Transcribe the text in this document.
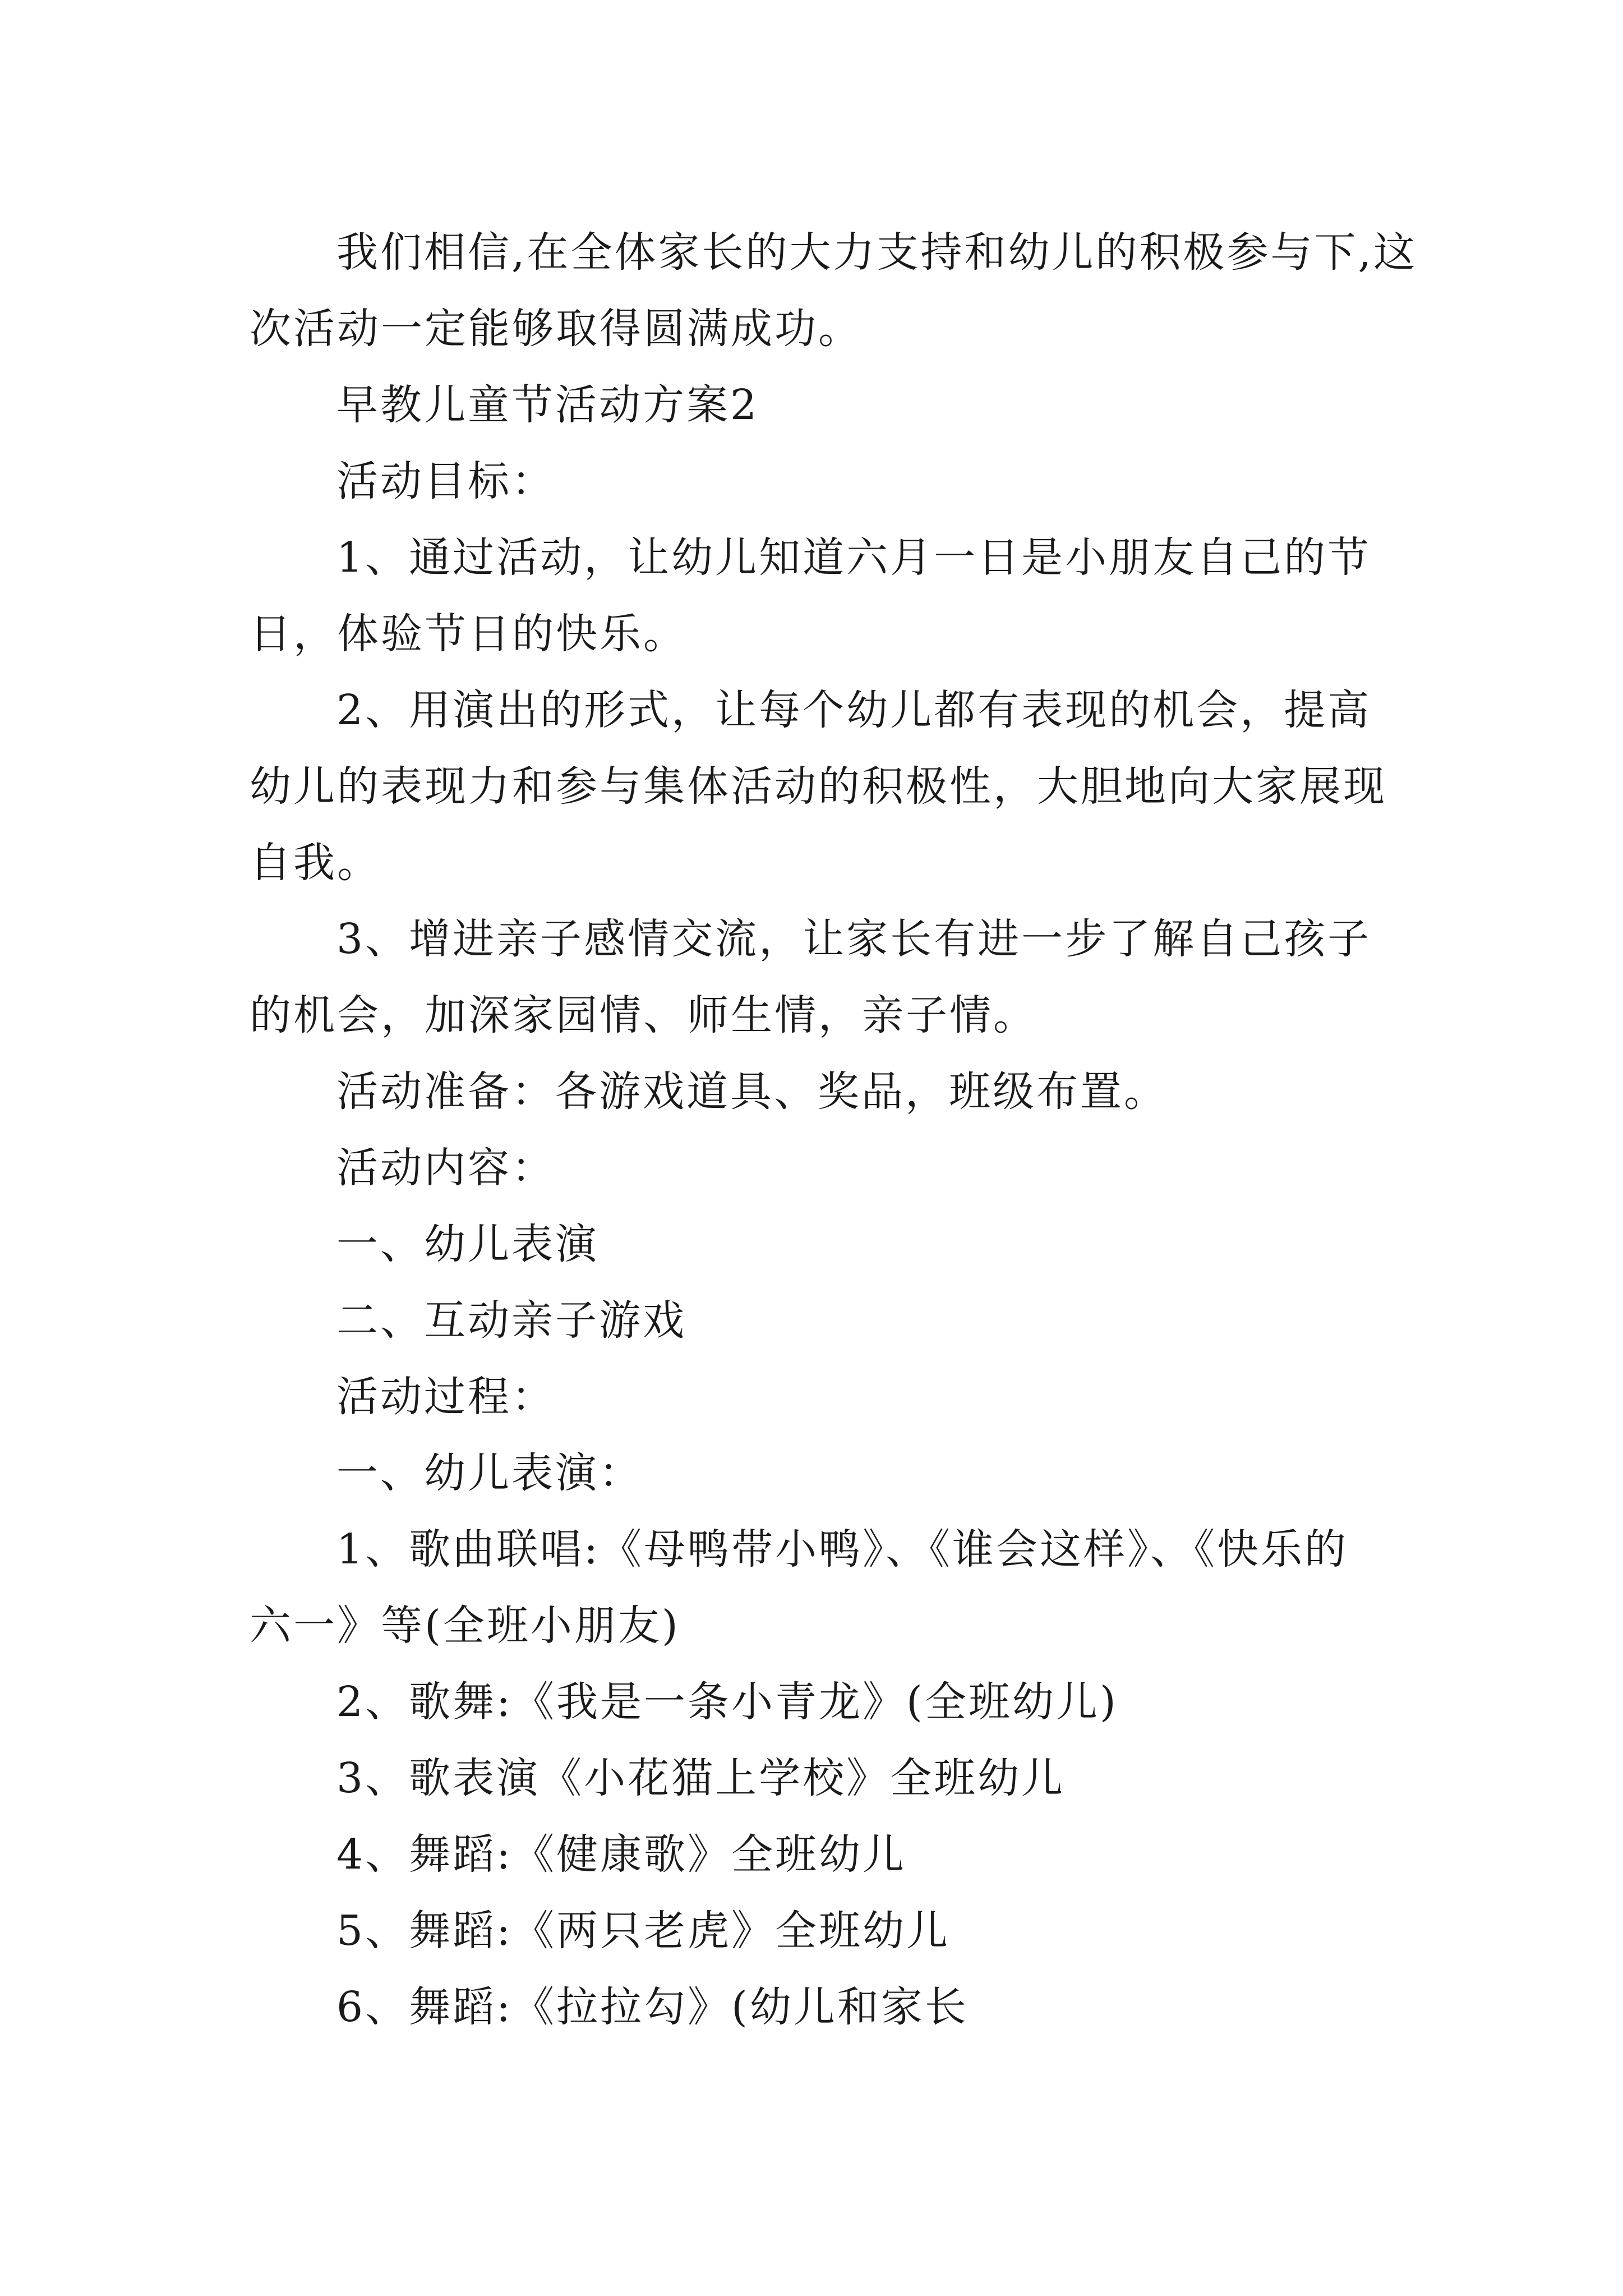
我们相信,在全体家长的大力支持和幼儿的积极参与下,这次活动一定能够取得圆满成功。

早教儿童节活动方案2

活动目标：

1、通过活动，让幼儿知道六月一日是小朋友自己的节日，体验节日的快乐。

2、用演出的形式，让每个幼儿都有表现的机会，提高幼儿的表现力和参与集体活动的积极性，大胆地向大家展现自我。

3、增进亲子感情交流，让家长有进一步了解自己孩子的机会，加深家园情、师生情，亲子情。

活动准备：各游戏道具、奖品，班级布置。

活动内容：

一、幼儿表演

二、互动亲子游戏

活动过程：

一、幼儿表演：

1、歌曲联唱:《母鸭带小鸭》、《谁会这样》、《快乐的六一》等(全班小朋友)

2、歌舞:《我是一条小青龙》(全班幼儿)

3、歌表演《小花猫上学校》全班幼儿

4、舞蹈:《健康歌》全班幼儿

5、舞蹈:《两只老虎》全班幼儿

6、舞蹈:《拉拉勾》(幼儿和家长
